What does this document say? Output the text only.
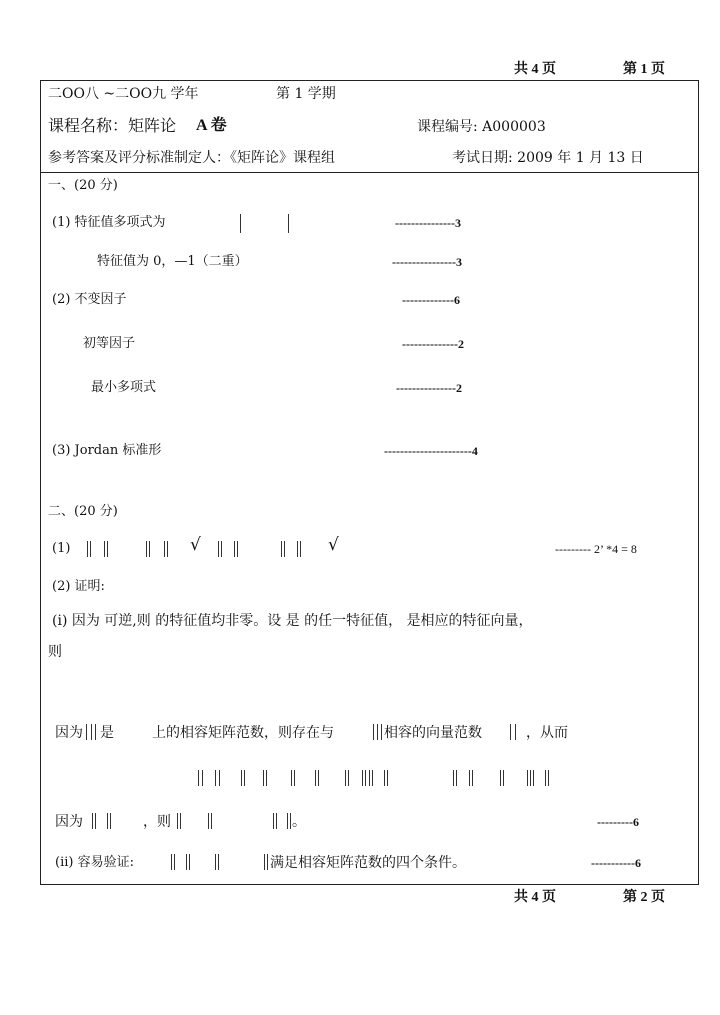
共 4 页	第 1 页
二OO八 ~二OO九 学年	第 1 学期
课程名称：矩阵论 A 卷	课程编号: A000003
参考答案及评分标准制定人：《矩阵论》课程组	考试日期: 2009 年 1 月 13 日
一、(20 分)
(1) 特征值多项式为	---------------3
特征值为 0，—1（二重）	----------------3
(2) 不变因子	-------------6
初等因子	--------------2
最小多项式	---------------2
(3) Jordan 标准形	----------------------4
二、(20 分)
(1)	√	√	--------- 2’ *4 = 8
(2) 证明:
(i) 因为 可逆,则 的特征值均非零。设 是 的任一特征值， 是相应的特征向量，
则
因为 是	上的相容矩阵范数，则存在与	相容的向量范数	，从而
因为	，则	。	---------6
(ii) 容易验证:	满足相容矩阵范数的四个条件。	-----------6
共 4 页	第 2 页
